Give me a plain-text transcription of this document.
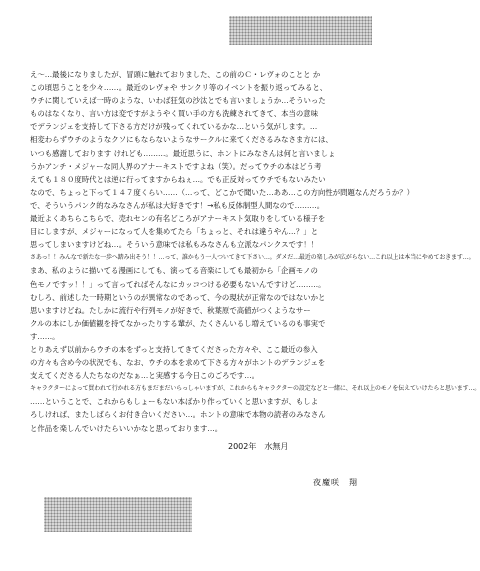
え～…最後になりましたが、冒頭に触れておりました、この前のＣ・レヴォのことと か
この頃思うことを少々……。最近のレヴォや サンクリ等のイベントを振り返ってみると、
ウチに関していえば一時のような、いわば狂気の沙汰とでも言いましょうか…そういった
ものはなくなり、言い方は変ですがようやく買い手の方も洗練されてきて、本当の意味
でデランジェを支持して下さる方だけが残ってくれているかな…という気がします。…
相変わらずウチのようなクソにもならないようなサークルに来てくださるみなさま方には、
いつも感謝しております けれども………。最近思うに、ホントにみなさんは何と言いましょ
うかアンチ・メジャーな同人界のアナーキストですよね（笑）。だってウチの本はどう考
えても１８０度時代とは逆に行ってますからねぇ…。でも正反対ってウチでもないみたい
なので、ちょっと下って１４７度くらい……（…って、どこかで聞いた…ああ…この方向性が問題なんだろうか？）
で、そういうパンク的なみなさんが私は大好きです！→私も反体制型人間なので………。
最近よくあちらこちらで、売れセンの有名どころがアナーキスト気取りをしている様子を
目にしますが、メジャーになって人を集めてたら「ちょっと、それは違うやん…？」と
思ってしまいますけどね…。そういう意味では私もみなさんも立派なパンクスです！！
さあっ！！みんなで新たな一歩へ踏み出そう！！…って、誰かもう一人ついてきて下さい…。ダメだ…最近の楽しみが広がらない…これ以上は本当にやめておきます…。
まあ、私のように描いてる漫画にしても、演ってる音楽にしても最初から「企画モノの
色モノですッ！！」って言ってればそんなにカッコつける必要もないんですけど………。
むしろ、前述した一時期というのが異常なのであって、今の現状が正常なのではないかと
思いますけどね。たしかに流行や行列モノが好きで、秋葉原で高値がつくようなサー
クルの本にしか価値観を持てなかったりする輩が、たくさんいるし増えているのも事実で
す……。
とりあえず以前からウチの本をずっと支持してきてくださった方々や、ここ最近の参入
の方々も含め今の状況でも、なお、ウチの本を求めて下さる方々がホントのデランジェを
支えてくださる人たちなのだなぁ…と実感する今日このごろです…。
キャラクターによって買われて行かれる方もまだまだいらっしゃいますが、これからもキャラクターの設定などと一緒に、それ以上のモノを伝えていけたらと思います…。
……ということで、これからもしょーもない本ばかり作っていくと思いますが、もしよ
ろしければ、またしばらくお付き合いください…。ホントの意味で本物の読者のみなさん
と作品を楽しんでいけたらいいかなと思っております…。
2002年　水無月
夜魔咲　翔
